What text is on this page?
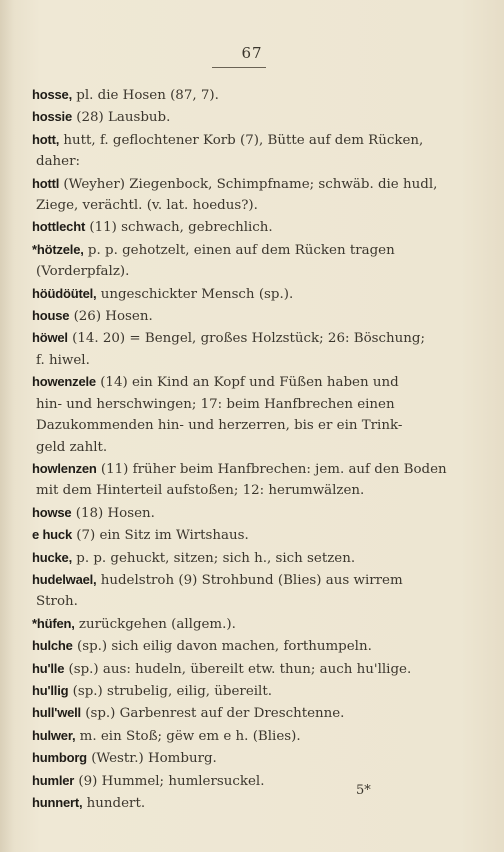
67
hosse, pl. die Hosen (87, 7).
hossie (28) Lausbub.
hott, hutt, f. geflochtener Korb (7), Bütte auf dem Rücken,
daher:
hottl (Weyher) Ziegenbock, Schimpfname; schwäb. die hudl,
Ziege, verächtl. (v. lat. hoedus?).
hottlecht (11) schwach, gebrechlich.
*hötzele, p. p. gehotzelt, einen auf dem Rücken tragen
(Vorderpfalz).
höüdöütel, ungeschickter Mensch (sp.).
house (26) Hosen.
höwel (14. 20) = Bengel, großes Holzstück; 26: Böschung;
f. hiwel.
howenzele (14) ein Kind an Kopf und Füßen haben und
hin- und herschwingen; 17: beim Hanfbrechen einen
Dazukommenden hin- und herzerren, bis er ein Trink-
geld zahlt.
howlenzen (11) früher beim Hanfbrechen: jem. auf den Boden
mit dem Hinterteil aufstoßen; 12: herumwälzen.
howse (18) Hosen.
e huck (7) ein Sitz im Wirtshaus.
hucke, p. p. gehuckt, sitzen; sich h., sich setzen.
hudelwael, hudelstroh (9) Strohbund (Blies) aus wirrem
Stroh.
*hüfen, zurückgehen (allgem.).
hulche (sp.) sich eilig davon machen, forthumpeln.
hu'lle (sp.) aus: hudeln, übereilt etw. thun; auch hu'llige.
hu'llig (sp.) strubelig, eilig, übereilt.
hull'well (sp.) Garbenrest auf der Dreschtenne.
hulwer, m. ein Stoß; gëw em e h. (Blies).
humborg (Westr.) Homburg.
humler (9) Hummel; humlersuckel.
hunnert, hundert.
5*
